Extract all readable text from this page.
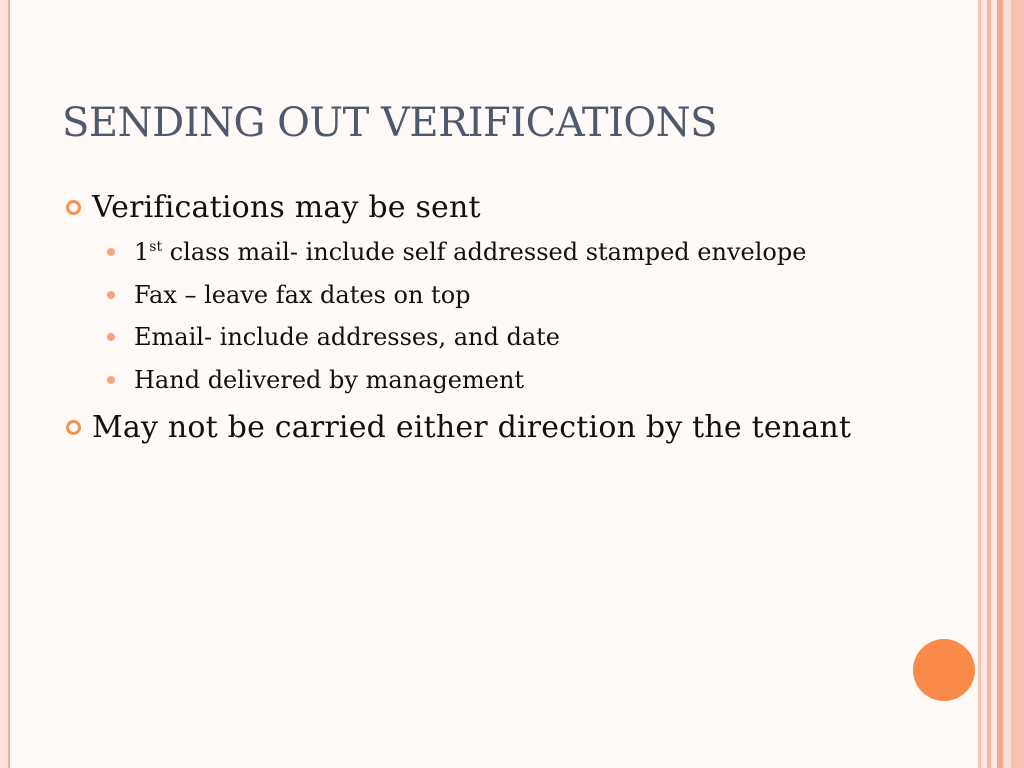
SENDING OUT VERIFICATIONS
Verifications may be sent
1st class mail- include self addressed stamped envelope
Fax – leave fax dates on top
Email- include addresses, and date
Hand delivered by management
May not be carried either direction by the tenant
